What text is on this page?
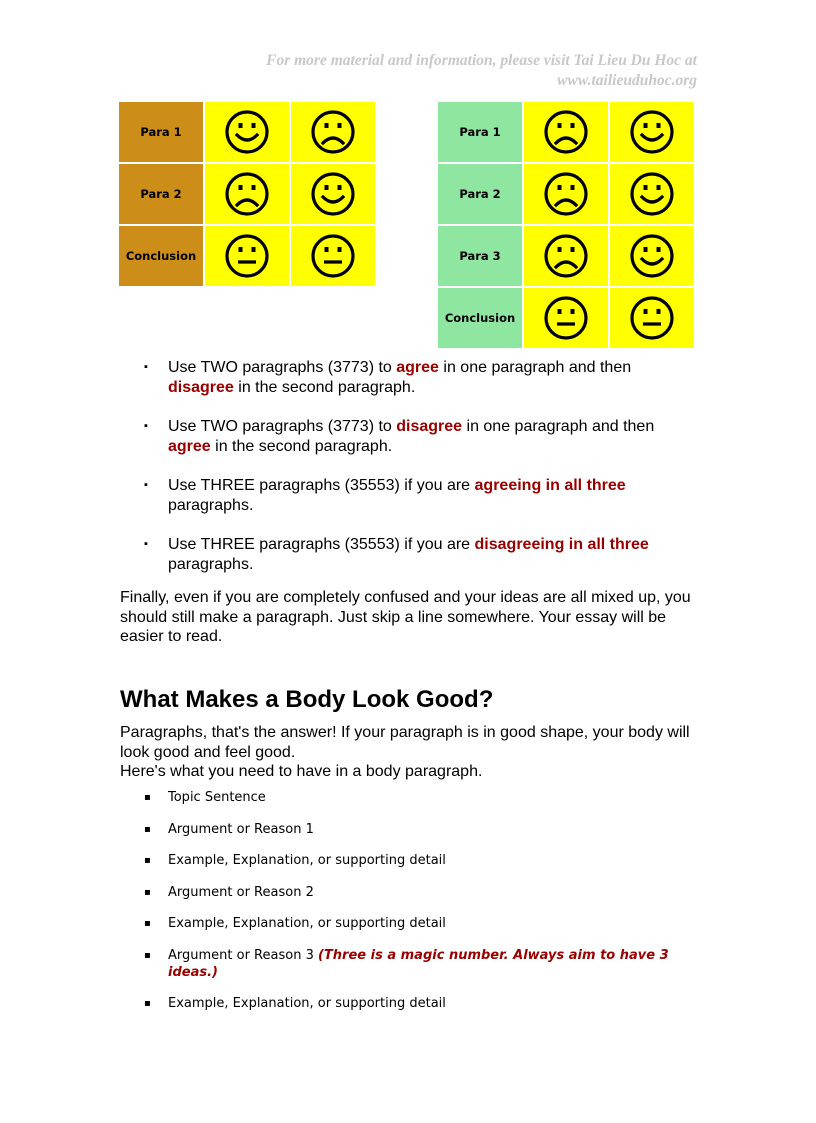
For more material and information, please visit Tai Lieu Du Hoc at
www.tailieuduhoc.org
Para 1	

Para 2	

Conclusion	

Para 1	

Para 2	

Para 3	

Conclusion	

▪ Use TWO paragraphs (3773) to agree in one paragraph and then disagree in the second paragraph.
▪ Use TWO paragraphs (3773) to disagree in one paragraph and then agree in the second paragraph.
▪ Use THREE paragraphs (35553) if you are agreeing in all three paragraphs.
▪ Use THREE paragraphs (35553) if you are disagreeing in all three paragraphs.

Finally, even if you are completely confused and your ideas are all mixed up, you should still make a paragraph. Just skip a line somewhere. Your essay will be easier to read.

What Makes a Body Look Good?

Paragraphs, that's the answer! If your paragraph is in good shape, your body will look good and feel good.
Here's what you need to have in a body paragraph.

▪ Topic Sentence
▪ Argument or Reason 1
▪ Example, Explanation, or supporting detail
▪ Argument or Reason 2
▪ Example, Explanation, or supporting detail
▪ Argument or Reason 3 (Three is a magic number. Always aim to have 3 ideas.)
▪ Example, Explanation, or supporting detail
